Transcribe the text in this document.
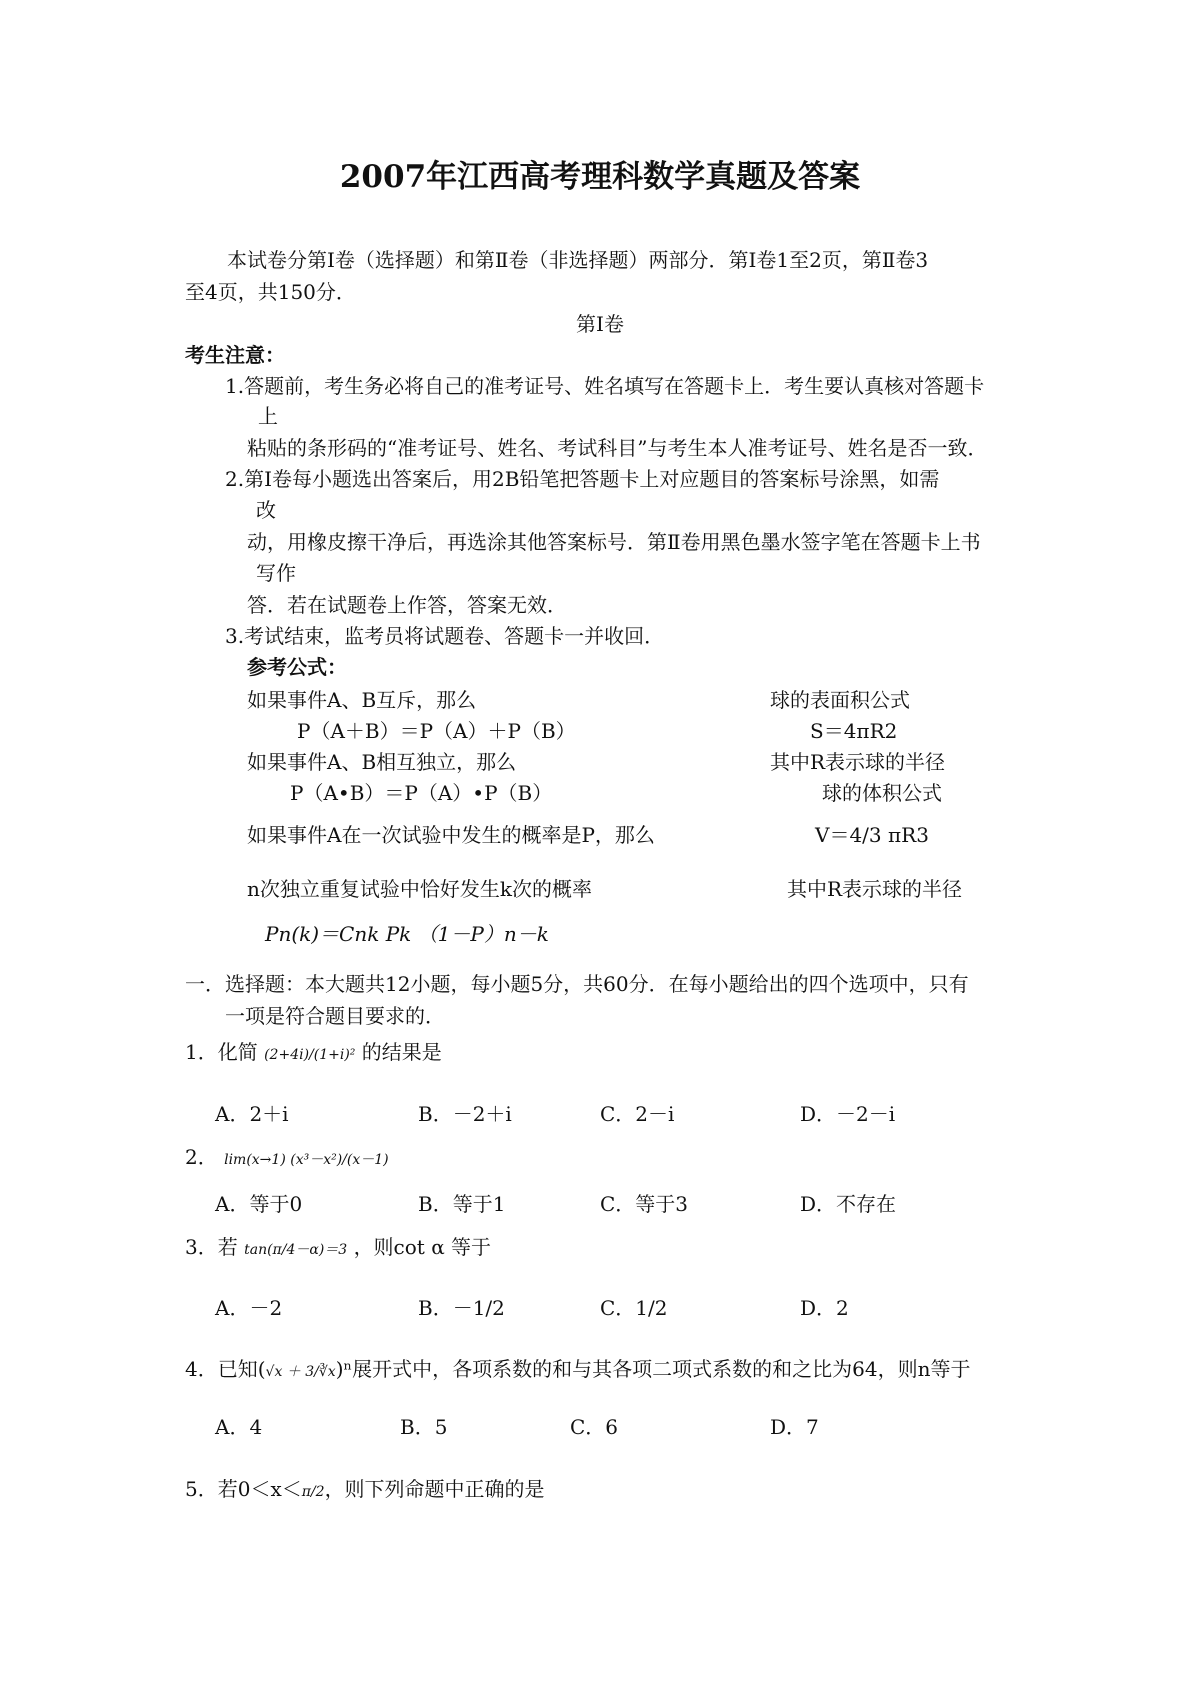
2007年江西高考理科数学真题及答案
本试卷分第Ⅰ卷（选择题）和第Ⅱ卷（非选择题）两部分．第Ⅰ卷1至2页，第Ⅱ卷3
至4页，共150分．
第Ⅰ卷
考生注意：
1.答题前，考生务必将自己的准考证号、姓名填写在答题卡上．考生要认真核对答题卡
上
粘贴的条形码的“准考证号、姓名、考试科目”与考生本人准考证号、姓名是否一致．
2.第Ⅰ卷每小题选出答案后，用2B铅笔把答题卡上对应题目的答案标号涂黑，如需
改
动，用橡皮擦干净后，再选涂其他答案标号．第Ⅱ卷用黑色墨水签字笔在答题卡上书
写作
答．若在试题卷上作答，答案无效．
3.考试结束，监考员将试题卷、答题卡一并收回．
参考公式：
如果事件A、B互斥，那么
P（A＋B）＝P（A）＋P（B）
如果事件A、B相互独立，那么
P（A•B）＝P（A）•P（B）
如果事件A在一次试验中发生的概率是P，那么
n次独立重复试验中恰好发生k次的概率
Pn(k)＝Cnk Pk （1－P）n－k
球的表面积公式
S＝4πR2
其中R表示球的半径
球的体积公式
V＝4/3 πR3
其中R表示球的半径
一．选择题：本大题共12小题，每小题5分，共60分．在每小题给出的四个选项中，只有
一项是符合题目要求的．
1．化简 (2+4i)/(1+i)² 的结果是
A．2＋i	B．－2＋i	C．2－i	D．－2－i
2． lim(x→1) (x³－x²)/(x－1)
A．等于0	B．等于1	C．等于3	D．不存在
3．若 tan(π/4－α)＝3 ，则cot α 等于
A．－2	B．－1/2	C．1/2	D．2
4．已知(√x ＋ 3/∛x)ⁿ展开式中，各项系数的和与其各项二项式系数的和之比为64，则n等于
A．4	B．5	C．6	D．7
5．若0＜x＜π/2，则下列命题中正确的是
